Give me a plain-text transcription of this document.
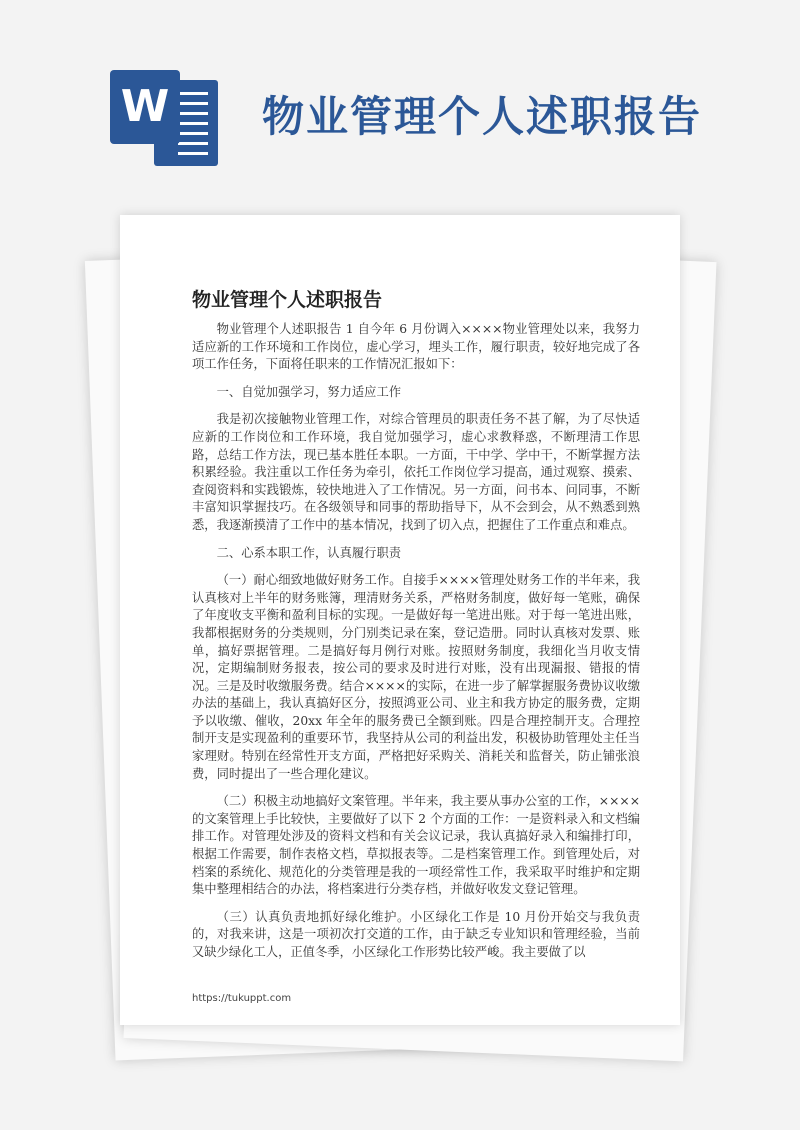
W 物业管理个人述职报告
物业管理个人述职报告

物业管理个人述职报告 1 自今年 6 月份调入××××物业管理处以来，我努力适应新的工作环境和工作岗位，虚心学习，埋头工作，履行职责，较好地完成了各项工作任务，下面将任职来的工作情况汇报如下：

一、自觉加强学习，努力适应工作

我是初次接触物业管理工作，对综合管理员的职责任务不甚了解，为了尽快适应新的工作岗位和工作环境，我自觉加强学习，虚心求教释惑，不断理清工作思路，总结工作方法，现已基本胜任本职。一方面，干中学、学中干，不断掌握方法积累经验。我注重以工作任务为牵引，依托工作岗位学习提高，通过观察、摸索、查阅资料和实践锻炼，较快地进入了工作情况。另一方面，问书本、问同事，不断丰富知识掌握技巧。在各级领导和同事的帮助指导下，从不会到会，从不熟悉到熟悉，我逐渐摸清了工作中的基本情况，找到了切入点，把握住了工作重点和难点。

二、心系本职工作，认真履行职责

（一）耐心细致地做好财务工作。自接手××××管理处财务工作的半年来，我认真核对上半年的财务账簿，理清财务关系，严格财务制度，做好每一笔账，确保了年度收支平衡和盈利目标的实现。一是做好每一笔进出账。对于每一笔进出账，我都根据财务的分类规则，分门别类记录在案，登记造册。同时认真核对发票、账单，搞好票据管理。二是搞好每月例行对账。按照财务制度，我细化当月收支情况，定期编制财务报表，按公司的要求及时进行对账，没有出现漏报、错报的情况。三是及时收缴服务费。结合××××的实际，在进一步了解掌握服务费协议收缴办法的基础上，我认真搞好区分，按照鸿亚公司、业主和我方协定的服务费，定期予以收缴、催收，20xx 年全年的服务费已全额到账。四是合理控制开支。合理控制开支是实现盈利的重要环节，我坚持从公司的利益出发，积极协助管理处主任当家理财。特别在经常性开支方面，严格把好采购关、消耗关和监督关，防止铺张浪费，同时提出了一些合理化建议。

（二）积极主动地搞好文案管理。半年来，我主要从事办公室的工作，××××的文案管理上手比较快，主要做好了以下 2 个方面的工作：一是资料录入和文档编排工作。对管理处涉及的资料文档和有关会议记录，我认真搞好录入和编排打印，根据工作需要，制作表格文档，草拟报表等。二是档案管理工作。到管理处后，对档案的系统化、规范化的分类管理是我的一项经常性工作，我采取平时维护和定期集中整理相结合的办法，将档案进行分类存档，并做好收发文登记管理。

（三）认真负责地抓好绿化维护。小区绿化工作是 10 月份开始交与我负责的，对我来讲，这是一项初次打交道的工作，由于缺乏专业知识和管理经验，当前又缺少绿化工人，正值冬季，小区绿化工作形势比较严峻。我主要做了以

https://tukuppt.com
